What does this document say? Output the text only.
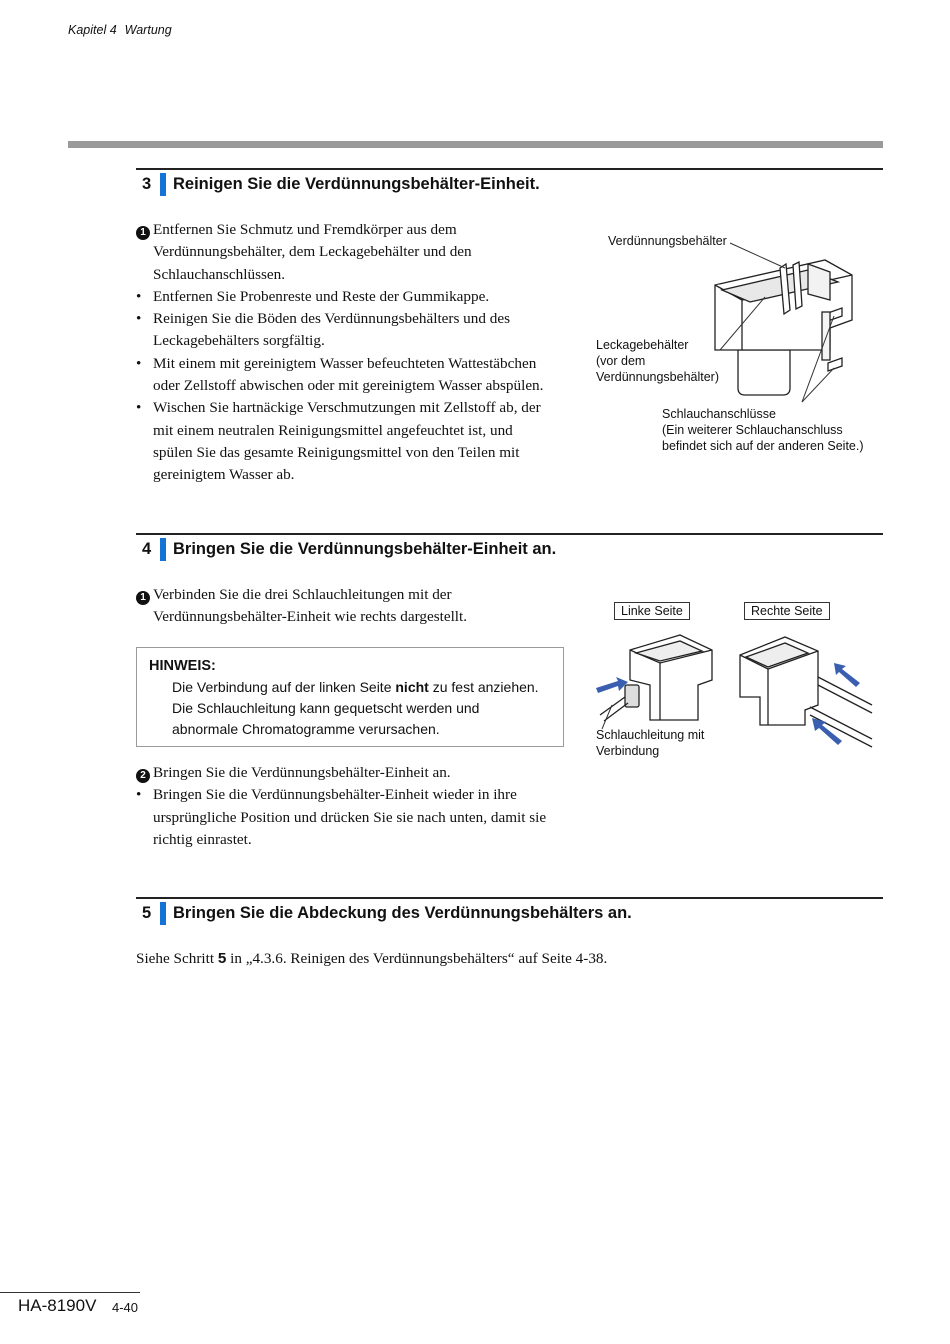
Kapitel 4 Wartung
3 Reinigen Sie die Verdünnungsbehälter-Einheit.
1 Entfernen Sie Schmutz und Fremdkörper aus dem
Verdünnungsbehälter, dem Leckagebehälter und den
Schlauchanschlüssen.
• Entfernen Sie Probenreste und Reste der Gummikappe.
• Reinigen Sie die Böden des Verdünnungsbehälters und des
Leckagebehälters sorgfältig.
• Mit einem mit gereinigtem Wasser befeuchteten Wattestäbchen
oder Zellstoff abwischen oder mit gereinigtem Wasser abspülen.
• Wischen Sie hartnäckige Verschmutzungen mit Zellstoff ab, der
mit einem neutralen Reinigungsmittel angefeuchtet ist, und
spülen Sie das gesamte Reinigungsmittel von den Teilen mit
gereinigtem Wasser ab.
Verdünnungsbehälter
Leckagebehälter
(vor dem
Verdünnungsbehälter)
Schlauchanschlüsse
(Ein weiterer Schlauchanschluss
befindet sich auf der anderen Seite.)
4 Bringen Sie die Verdünnungsbehälter-Einheit an.
1 Verbinden Sie die drei Schlauchleitungen mit der
Verdünnungsbehälter-Einheit wie rechts dargestellt.
HINWEIS:
Die Verbindung auf der linken Seite nicht zu fest anziehen.
Die Schlauchleitung kann gequetscht werden und
abnormale Chromatogramme verursachen.
2 Bringen Sie die Verdünnungsbehälter-Einheit an.
• Bringen Sie die Verdünnungsbehälter-Einheit wieder in ihre
ursprüngliche Position und drücken Sie sie nach unten, damit sie
richtig einrastet.
Linke Seite	Rechte Seite
Schlauchleitung mit
Verbindung
5 Bringen Sie die Abdeckung des Verdünnungsbehälters an.
Siehe Schritt 5 in „4.3.6. Reinigen des Verdünnungsbehälters“ auf Seite 4-38.
HA-8190V 4-40
